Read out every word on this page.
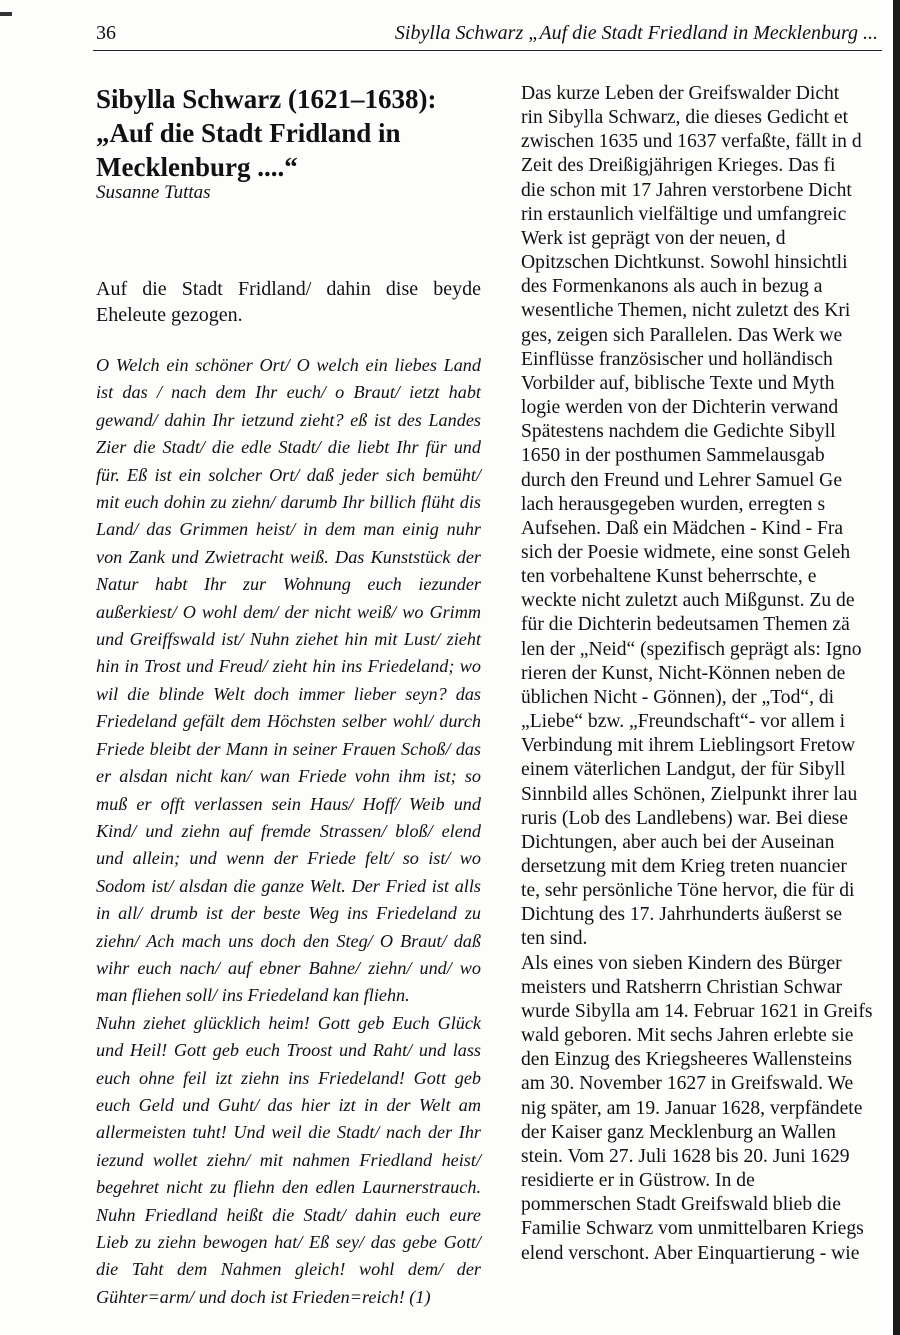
36	Sibylla Schwarz „Auf die Stadt Friedland in Mecklenburg ...
Sibylla Schwarz (1621–1638): „Auf die Stadt Fridland in Mecklenburg ....“
Susanne Tuttas

Auf die Stadt Fridland/ dahin dise beyde Eheleute gezogen.

O Welch ein schöner Ort/ O welch ein liebes Land ist das / nach dem Ihr euch/ o Braut/ ietzt habt gewand/ dahin Ihr ietzund zieht? eß ist des Landes Zier die Stadt/ die edle Stadt/ die liebt Ihr für und für. Eß ist ein solcher Ort/ daß jeder sich bemüht/ mit euch dohin zu ziehn/ darumb Ihr billich flüht dis Land/ das Grimmen heist/ in dem man einig nuhr von Zank und Zwietracht weiß. Das Kunststück der Natur habt Ihr zur Wohnung euch iezunder außerkiest/ O wohl dem/ der nicht weiß/ wo Grimm und Greiffswald ist/ Nuhn ziehet hin mit Lust/ zieht hin in Trost und Freud/ zieht hin ins Friedeland; wo wil die blinde Welt doch immer lieber seyn? das Friedeland gefält dem Höchsten selber wohl/ durch Friede bleibt der Mann in seiner Frauen Schoß/ das er alsdan nicht kan/ wan Friede vohn ihm ist; so muß er offt verlassen sein Haus/ Hoff/ Weib und Kind/ und ziehn auf fremde Strassen/ bloß/ elend und allein; und wenn der Friede felt/ so ist/ wo Sodom ist/ alsdan die ganze Welt. Der Fried ist alls in all/ drumb ist der beste Weg ins Friedeland zu ziehn/ Ach mach uns doch den Steg/ O Braut/ daß wihr euch nach/ auf ebner Bahne/ ziehn/ und/ wo man fliehen soll/ ins Friedeland kan fliehn.

Nuhn ziehet glücklich heim! Gott geb Euch Glück und Heil! Gott geb euch Troost und Raht/ und lass euch ohne feil izt ziehn ins Friedeland! Gott geb euch Geld und Guht/ das hier izt in der Welt am allermeisten tuht! Und weil die Stadt/ nach der Ihr iezund wollet ziehn/ mit nahmen Friedland heist/ begehret nicht zu fliehn den edlen Laurnerstrauch. Nuhn Friedland heißt die Stadt/ dahin euch eure Lieb zu ziehn bewogen hat/ Eß sey/ das gebe Gott/ die Taht dem Nahmen gleich! wohl dem/ der Gühter=arm/ und doch ist Frieden=reich! (1)

Das kurze Leben der Greifswalder Dicht
rin Sibylla Schwarz, die dieses Gedicht et
zwischen 1635 und 1637 verfaßte, fällt in d
Zeit des Dreißigjährigen Krieges. Das fi
die schon mit 17 Jahren verstorbene Dicht
rin erstaunlich vielfältige und umfangreic
Werk ist geprägt von der neuen, d
Opitzschen Dichtkunst. Sowohl hinsichtli
des Formenkanons als auch in bezug a
wesentliche Themen, nicht zuletzt des Kri
ges, zeigen sich Parallelen. Das Werk we
Einflüsse französischer und holländisch
Vorbilder auf, biblische Texte und Myth
logie werden von der Dichterin verwand
Spätestens nachdem die Gedichte Sibyll
1650 in der posthumen Sammelausgab
durch den Freund und Lehrer Samuel Ge
lach herausgegeben wurden, erregten s
Aufsehen. Daß ein Mädchen - Kind - Fra
sich der Poesie widmete, eine sonst Geleh
ten vorbehaltene Kunst beherrschte, e
weckte nicht zuletzt auch Mißgunst. Zu de
für die Dichterin bedeutsamen Themen zä
len der „Neid“ (spezifisch geprägt als: Igno
rieren der Kunst, Nicht-Können neben de
üblichen Nicht - Gönnen), der „Tod“, di
„Liebe“ bzw. „Freundschaft“- vor allem i
Verbindung mit ihrem Lieblingsort Fretow
einem väterlichen Landgut, der für Sibyll
Sinnbild alles Schönen, Zielpunkt ihrer lau
ruris (Lob des Landlebens) war. Bei diese
Dichtungen, aber auch bei der Auseinan
dersetzung mit dem Krieg treten nuancier
te, sehr persönliche Töne hervor, die für di
Dichtung des 17. Jahrhunderts äußerst se
ten sind.
Als eines von sieben Kindern des Bürger
meisters und Ratsherrn Christian Schwar
wurde Sibylla am 14. Februar 1621 in Greifs
wald geboren. Mit sechs Jahren erlebte sie
den Einzug des Kriegsheeres Wallensteins
am 30. November 1627 in Greifswald. We
nig später, am 19. Januar 1628, verpfändete
der Kaiser ganz Mecklenburg an Wallen
stein. Vom 27. Juli 1628 bis 20. Juni 1629
residierte er in Güstrow. In de
pommerschen Stadt Greifswald blieb die
Familie Schwarz vom unmittelbaren Kriegs
elend verschont. Aber Einquartierung - wie
